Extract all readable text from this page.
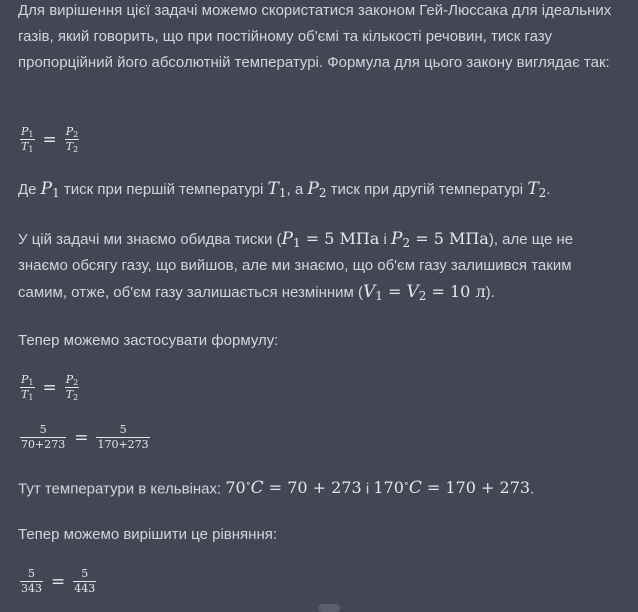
Для вирішення цієї задачі можемо скористатися законом Гей-Люссака для ідеальних газів, який говорить, що при постійному об'ємі та кількості речовин, тиск газу пропорційний його абсолютній температурі. Формула для цього закону виглядає так:

$\frac{P_1}{T_1} = \frac{P_2}{T_2}$

Де $P_1$ тиск при першій температурі $T_1$, а $P_2$ тиск при другій температурі $T_2$.

У цій задачі ми знаємо обидва тиски ($P_1 = 5$ МПа і $P_2 = 5$ МПа), але ще не знаємо обсягу газу, що вийшов, але ми знаємо, що об'єм газу залишився таким самим, отже, об'єм газу залишається незмінним ($V_1 = V_2 = 10$ л).

Тепер можемо застосувати формулу:

$\frac{P_1}{T_1} = \frac{P_2}{T_2}$
$\frac{5}{70+273} = \frac{5}{170+273}$

Тут температури в кельвінах: 70∘C = 70 + 273 і 170∘C = 170 + 273.

Тепер можемо вирішити це рівняння:

$\frac{5}{343} = \frac{5}{443}$
